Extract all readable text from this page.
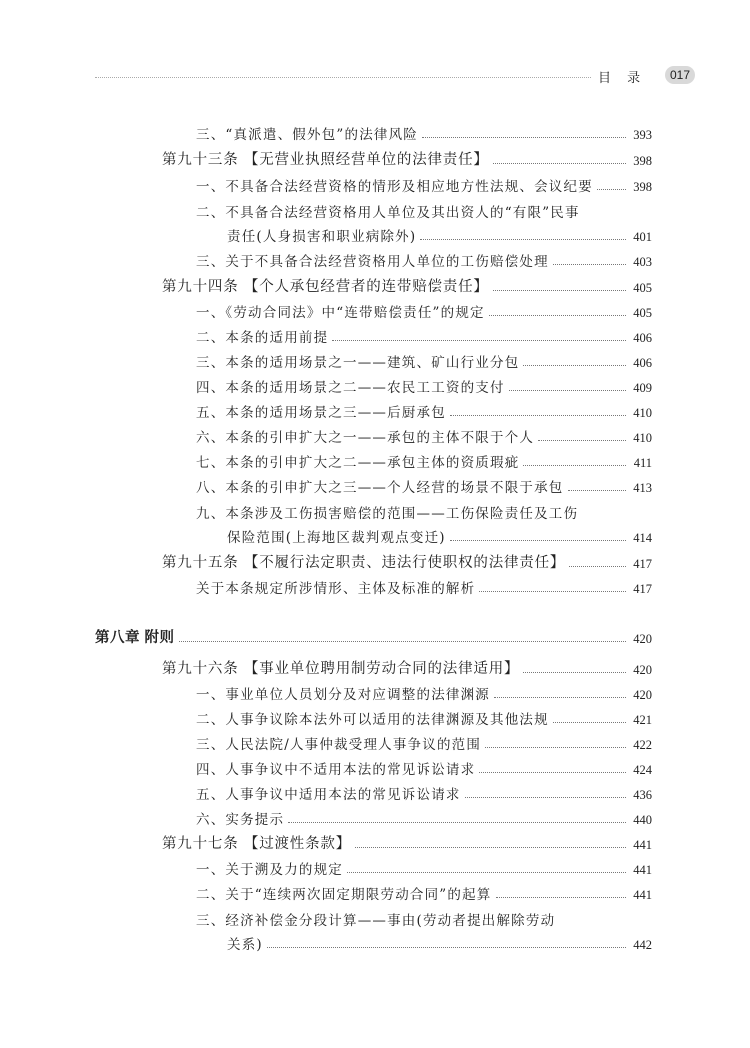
目 录	017
三、“真派遣、假外包”的法律风险	393
第九十三条 【无营业执照经营单位的法律责任】	398
一、不具备合法经营资格的情形及相应地方性法规、会议纪要	398
二、不具备合法经营资格用人单位及其出资人的“有限”民事
责任(人身损害和职业病除外)	401
三、关于不具备合法经营资格用人单位的工伤赔偿处理	403
第九十四条 【个人承包经营者的连带赔偿责任】	405
一、《劳动合同法》中“连带赔偿责任”的规定	405
二、本条的适用前提	406
三、本条的适用场景之一——建筑、矿山行业分包	406
四、本条的适用场景之二——农民工工资的支付	409
五、本条的适用场景之三——后厨承包	410
六、本条的引申扩大之一——承包的主体不限于个人	410
七、本条的引申扩大之二——承包主体的资质瑕疵	411
八、本条的引申扩大之三——个人经营的场景不限于承包	413
九、本条涉及工伤损害赔偿的范围——工伤保险责任及工伤
保险范围(上海地区裁判观点变迁)	414
第九十五条 【不履行法定职责、违法行使职权的法律责任】	417
关于本条规定所涉情形、主体及标准的解析	417
第八章 附则	420
第九十六条 【事业单位聘用制劳动合同的法律适用】	420
一、事业单位人员划分及对应调整的法律渊源	420
二、人事争议除本法外可以适用的法律渊源及其他法规	421
三、人民法院/人事仲裁受理人事争议的范围	422
四、人事争议中不适用本法的常见诉讼请求	424
五、人事争议中适用本法的常见诉讼请求	436
六、实务提示	440
第九十七条 【过渡性条款】	441
一、关于溯及力的规定	441
二、关于“连续两次固定期限劳动合同”的起算	441
三、经济补偿金分段计算——事由(劳动者提出解除劳动
关系)	442
